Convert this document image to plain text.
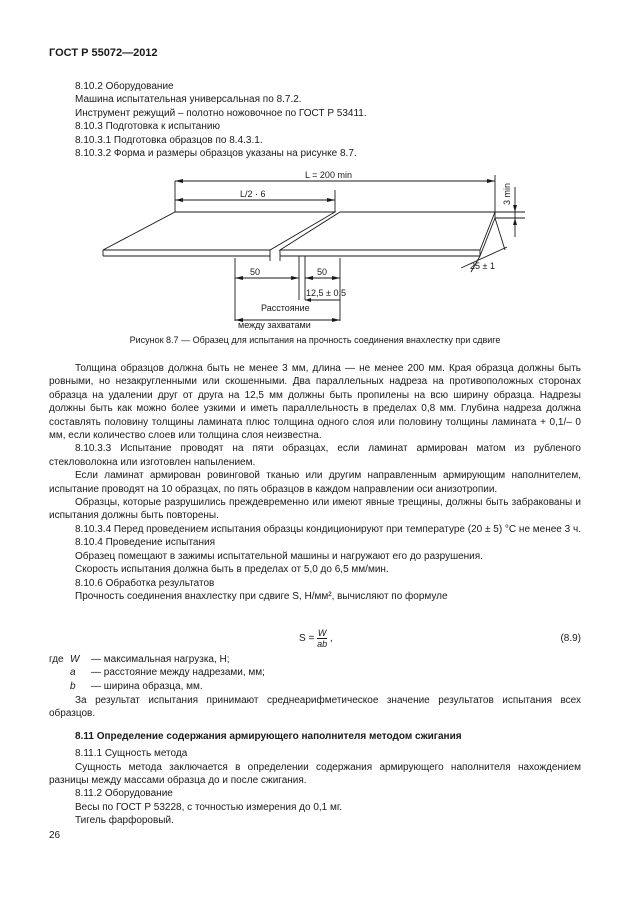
ГОСТ Р 55072—2012

8.10.2 Оборудование

Машина испытательная универсальная по 8.7.2.

Инструмент режущий – полотно ножовочное по ГОСТ Р 53411.

8.10.3 Подготовка к испытанию

8.10.3.1 Подготовка образцов по 8.4.3.1.

8.10.3.2 Форма и размеры образцов указаны на рисунке 8.7.

L = 200 min
L/2 · 6	3 min
25 ± 1
50	50
12,5 ± 0,5
Расстояние
между захватами
Рисунок 8.7 — Образец для испытания на прочность соединения внахлестку при сдвиге

Толщина образцов должна быть не менее 3 мм, длина — не менее 200 мм. Края образца должны быть ровными, но незакругленными или скошенными. Два параллельных надреза на противоположных сторонах образца на удалении друг от друга на 12,5 мм должны быть пропилены на всю ширину образца. Надрезы должны быть как можно более узкими и иметь параллельность в пределах 0,8 мм. Глубина надреза должна составлять половину толщины ламината плюс толщина одного слоя или половину толщины ламината + 0,1/– 0 мм, если количество слоев или толщина слоя неизвестна.

8.10.3.3 Испытание проводят на пяти образцах, если ламинат армирован матом из рубленого стекловолокна или изготовлен напылением.

Если ламинат армирован ровинговой тканью или другим направленным армирующим наполнителем, испытание проводят на 10 образцах, по пять образцов в каждом направлении оси анизотропии.

Образцы, которые разрушились преждевременно или имеют явные трещины, должны быть забракованы и испытания должны быть повторены.

8.10.3.4 Перед проведением испытания образцы кондиционируют при температуре (20 ± 5) °С не менее 3 ч.

8.10.4 Проведение испытания

Образец помещают в зажимы испытательной машины и нагружают его до разрушения.

Скорость испытания должна быть в пределах от 5,0 до 6,5 мм/мин.

8.10.6 Обработка результатов

Прочность соединения внахлестку при сдвиге S, Н/мм², вычисляют по формуле

$S = \frac{W}{ab}$ ,	(8.9)
где W	— максимальная нагрузка, Н;
a	— расстояние между надрезами, мм;
b	— ширина образца, мм.

За результат испытания принимают среднеарифметическое значение результатов испытания всех образцов.

8.11 Определение содержания армирующего наполнителя методом сжигания

8.11.1 Сущность метода

Сущность метода заключается в определении содержания армирующего наполнителя нахождением разницы между массами образца до и после сжигания.

8.11.2 Оборудование

Весы по ГОСТ Р 53228, с точностью измерения до 0,1 мг.

Тигель фарфоровый.

26
